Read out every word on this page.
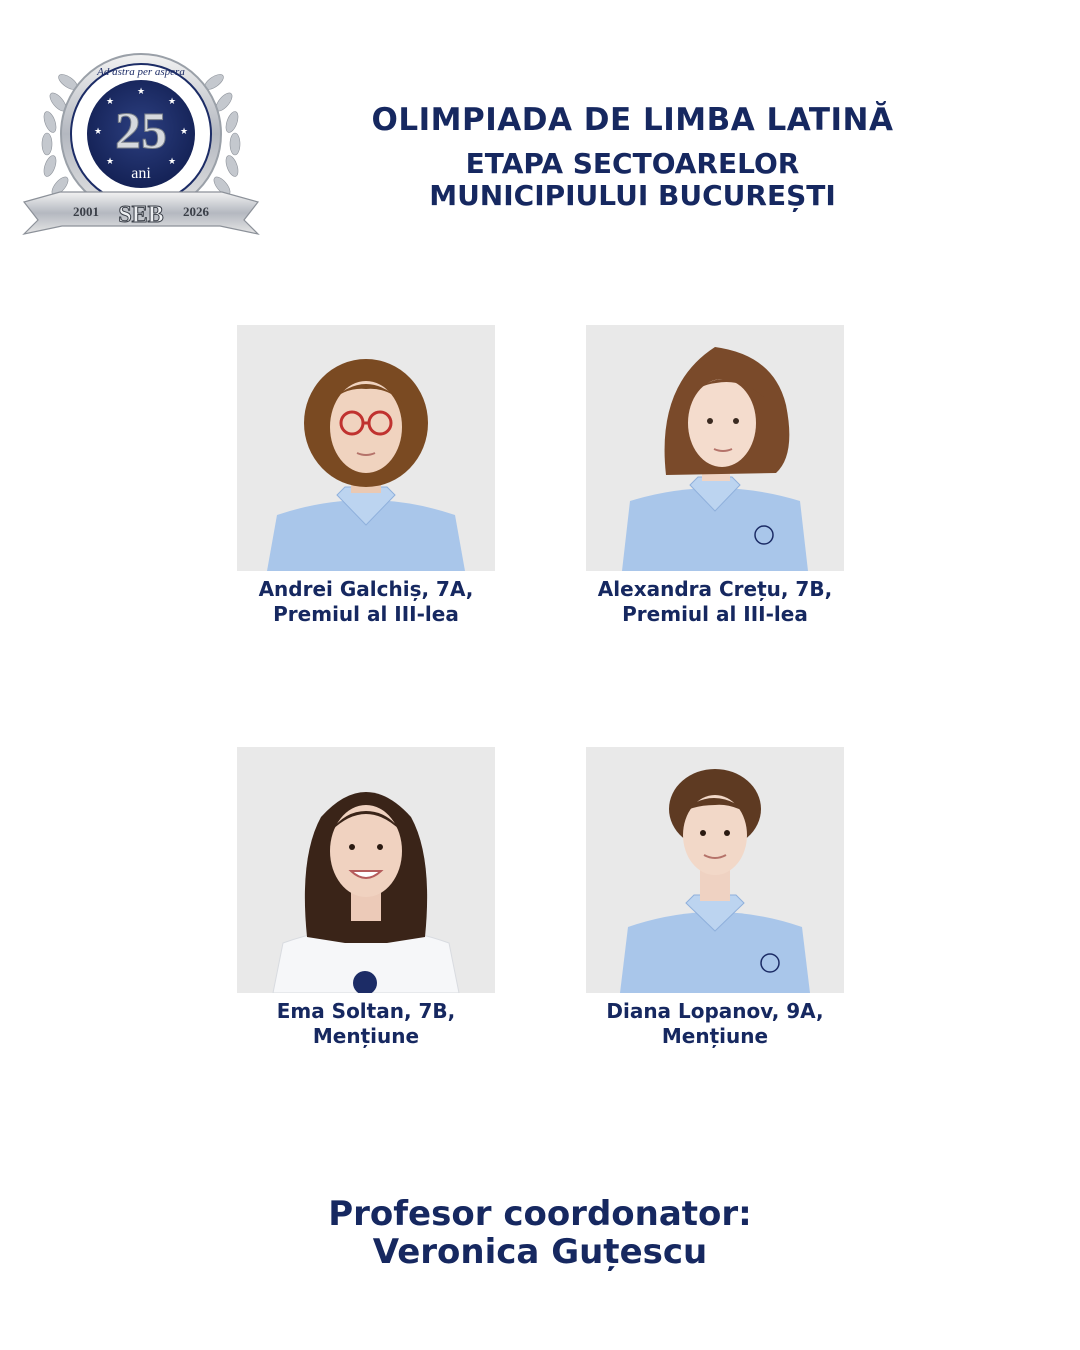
★
★	★
★	★
★	★
Ad astra per aspera
25
ani
2001 SEB 2026
OLIMPIADA DE LIMBA LATINĂ
ETAPA SECTOARELOR
MUNICIPIULUI BUCUREȘTI
Andrei Galchiș, 7A,
Premiul al III-lea
Alexandra Crețu, 7B,
Premiul al III-lea
Ema Soltan, 7B,
Mențiune
Diana Lopanov, 9A,
Mențiune
Profesor coordonator:
Veronica Guțescu
